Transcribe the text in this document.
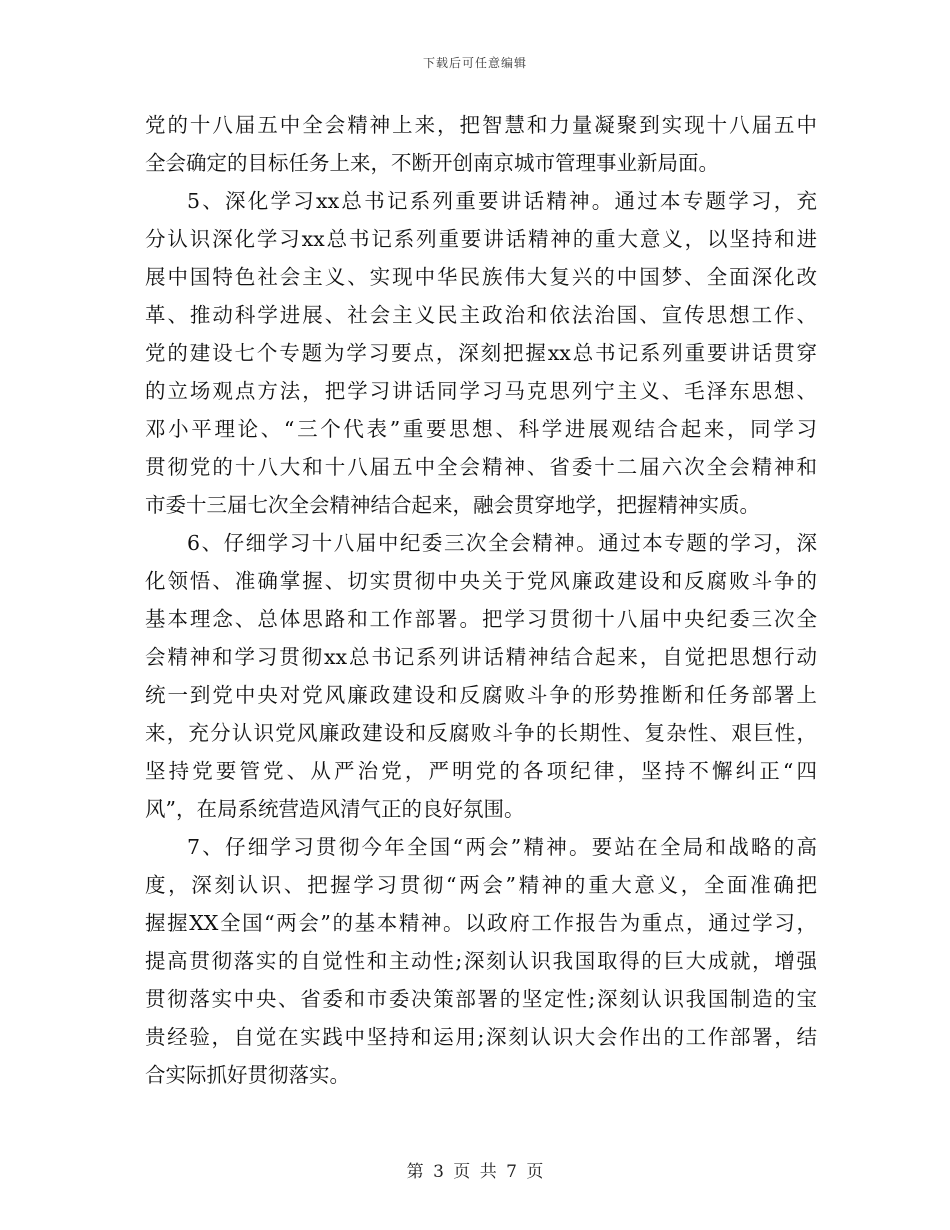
下载后可任意编辑
党的十八届五中全会精神上来，把智慧和力量凝聚到实现十八届五中
全会确定的目标任务上来，不断开创南京城市管理事业新局面。
5、深化学习xx总书记系列重要讲话精神。通过本专题学习，充
分认识深化学习xx总书记系列重要讲话精神的重大意义，以坚持和进
展中国特色社会主义、实现中华民族伟大复兴的中国梦、全面深化改
革、推动科学进展、社会主义民主政治和依法治国、宣传思想工作、
党的建设七个专题为学习要点，深刻把握xx总书记系列重要讲话贯穿
的立场观点方法，把学习讲话同学习马克思列宁主义、毛泽东思想、
邓小平理论、“三个代表”重要思想、科学进展观结合起来，同学习
贯彻党的十八大和十八届五中全会精神、省委十二届六次全会精神和
市委十三届七次全会精神结合起来，融会贯穿地学，把握精神实质。
6、仔细学习十八届中纪委三次全会精神。通过本专题的学习，深
化领悟、准确掌握、切实贯彻中央关于党风廉政建设和反腐败斗争的
基本理念、总体思路和工作部署。把学习贯彻十八届中央纪委三次全
会精神和学习贯彻xx总书记系列讲话精神结合起来，自觉把思想行动
统一到党中央对党风廉政建设和反腐败斗争的形势推断和任务部署上
来，充分认识党风廉政建设和反腐败斗争的长期性、复杂性、艰巨性，
坚持党要管党、从严治党，严明党的各项纪律，坚持不懈纠正“四
风”，在局系统营造风清气正的良好氛围。
7、仔细学习贯彻今年全国“两会”精神。要站在全局和战略的高
度，深刻认识、把握学习贯彻“两会”精神的重大意义，全面准确把
握握XX全国“两会”的基本精神。以政府工作报告为重点，通过学习，
提高贯彻落实的自觉性和主动性;深刻认识我国取得的巨大成就，增强
贯彻落实中央、省委和市委决策部署的坚定性;深刻认识我国制造的宝
贵经验，自觉在实践中坚持和运用;深刻认识大会作出的工作部署，结
合实际抓好贯彻落实。
第 3 页 共 7 页
